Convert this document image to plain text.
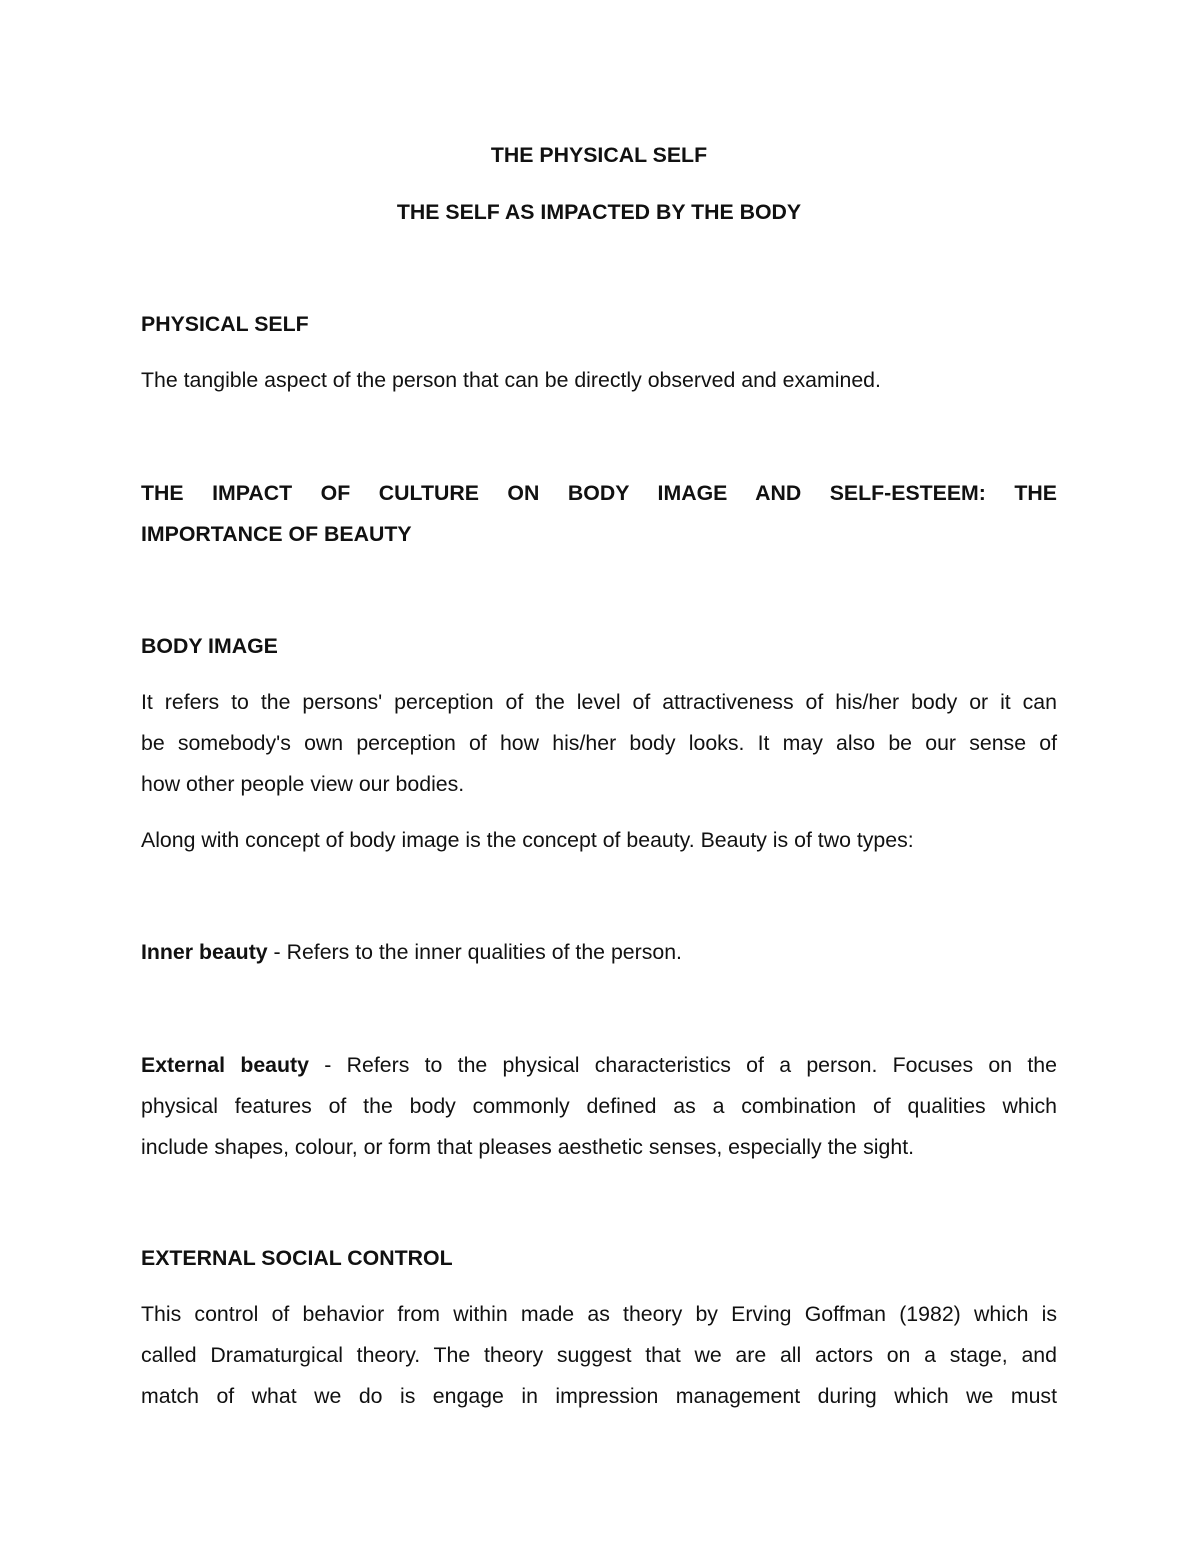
THE PHYSICAL SELF
THE SELF AS IMPACTED BY THE BODY
PHYSICAL SELF
The tangible aspect of the person that can be directly observed and examined.
THE IMPACT OF CULTURE ON BODY IMAGE AND SELF-ESTEEM: THE
IMPORTANCE OF BEAUTY
BODY IMAGE
It refers to the persons' perception of the level of attractiveness of his/her body or it can
be somebody's own perception of how his/her body looks. It may also be our sense of
how other people view our bodies.
Along with concept of body image is the concept of beauty. Beauty is of two types:
Inner beauty - Refers to the inner qualities of the person.
External beauty - Refers to the physical characteristics of a person. Focuses on the
physical features of the body commonly defined as a combination of qualities which
include shapes, colour, or form that pleases aesthetic senses, especially the sight.
EXTERNAL SOCIAL CONTROL
This control of behavior from within made as theory by Erving Goffman (1982) which is
called Dramaturgical theory. The theory suggest that we are all actors on a stage, and
match of what we do is engage in impression management during which we must
